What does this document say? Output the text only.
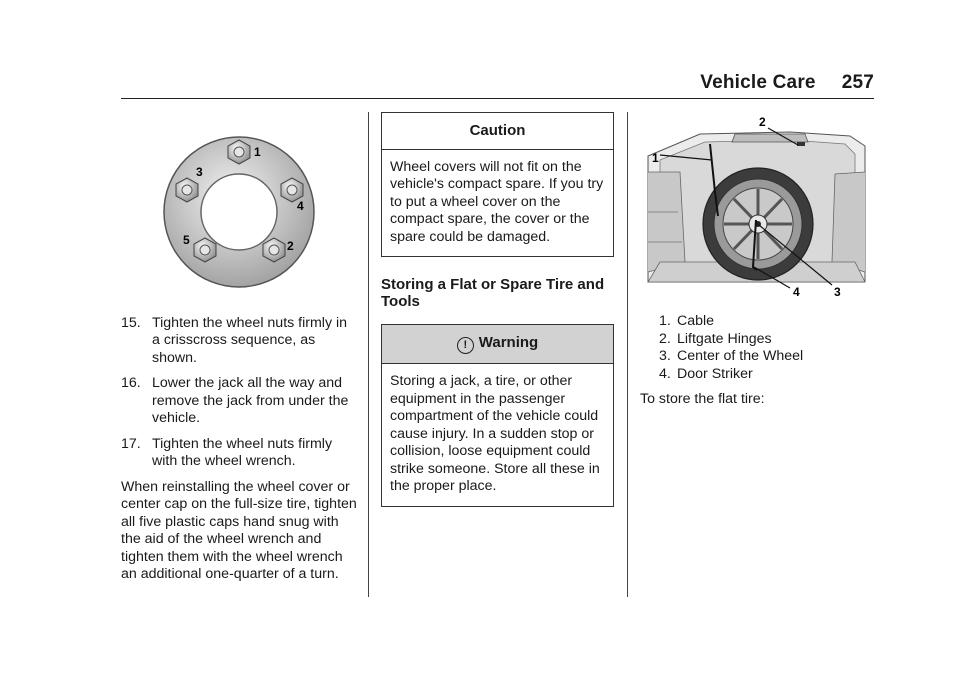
Vehicle Care 257
1
2
3
4
5
15. Tighten the wheel nuts firmly in a crisscross sequence, as shown.
16. Lower the jack all the way and remove the jack from under the vehicle.
17. Tighten the wheel nuts firmly with the wheel wrench.
When reinstalling the wheel cover or center cap on the full-size tire, tighten all five plastic caps hand snug with the aid of the wheel wrench and tighten them with the wheel wrench an additional one-quarter of a turn.
Caution
Wheel covers will not fit on the vehicle's compact spare. If you try to put a wheel cover on the compact spare, the cover or the spare could be damaged.
Storing a Flat or Spare Tire and Tools
! Warning
Storing a jack, a tire, or other equipment in the passenger compartment of the vehicle could cause injury. In a sudden stop or collision, loose equipment could strike someone. Store all these in the proper place.
1
2
3
4
1. Cable
2. Liftgate Hinges
3. Center of the Wheel
4. Door Striker
To store the flat tire:
